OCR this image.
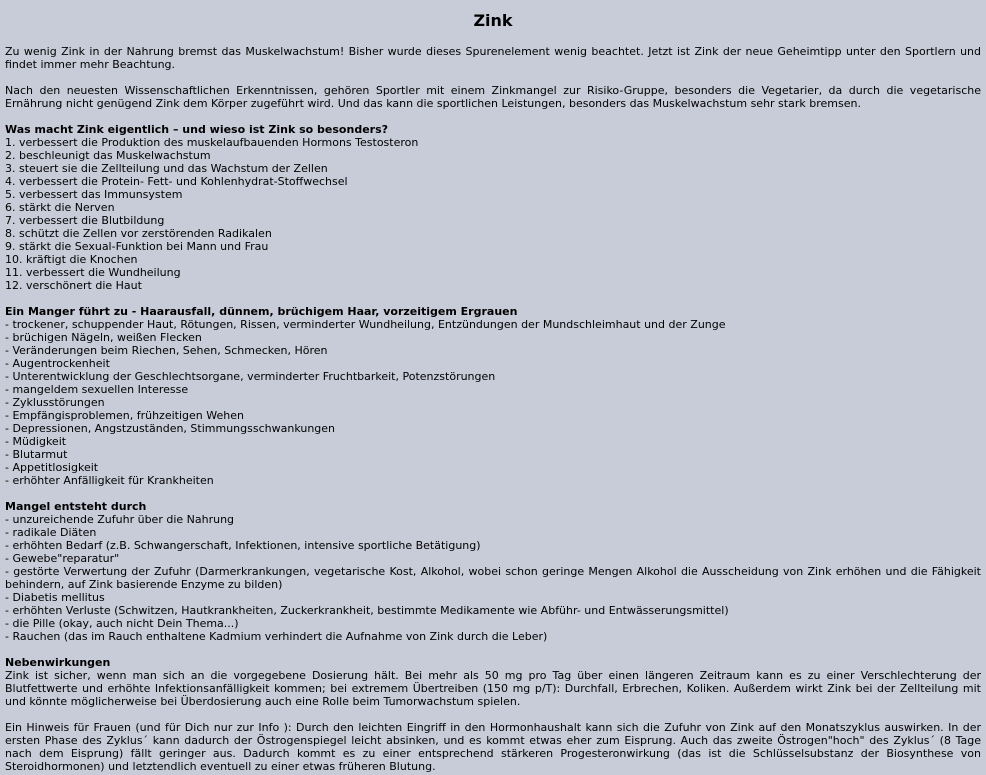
Zink

Zu wenig Zink in der Nahrung bremst das Muskelwachstum! Bisher wurde dieses Spurenelement wenig beachtet. Jetzt ist Zink der neue Geheimtipp unter den Sportlern und findet immer mehr Beachtung.

Nach den neuesten Wissenschaftlichen Erkenntnissen, gehören Sportler mit einem Zinkmangel zur Risiko-Gruppe, besonders die Vegetarier, da durch die vegetarische Ernährung nicht genügend Zink dem Körper zugeführt wird. Und das kann die sportlichen Leistungen, besonders das Muskelwachstum sehr stark bremsen.

Was macht Zink eigentlich – und wieso ist Zink so besonders?
1. verbessert die Produktion des muskelaufbauenden Hormons Testosteron
2. beschleunigt das Muskelwachstum
3. steuert sie die Zellteilung und das Wachstum der Zellen
4. verbessert die Protein- Fett- und Kohlenhydrat-Stoffwechsel
5. verbessert das Immunsystem
6. stärkt die Nerven
7. verbessert die Blutbildung
8. schützt die Zellen vor zerstörenden Radikalen
9. stärkt die Sexual-Funktion bei Mann und Frau
10. kräftigt die Knochen
11. verbessert die Wundheilung
12. verschönert die Haut
Ein Manger führt zu - Haarausfall, dünnem, brüchigem Haar, vorzeitigem Ergrauen
- trockener, schuppender Haut, Rötungen, Rissen, verminderter Wundheilung, Entzündungen der Mundschleimhaut und der Zunge
- brüchigen Nägeln, weißen Flecken
- Veränderungen beim Riechen, Sehen, Schmecken, Hören
- Augentrockenheit
- Unterentwicklung der Geschlechtsorgane, verminderter Fruchtbarkeit, Potenzstörungen
- mangeldem sexuellen Interesse
- Zyklusstörungen
- Empfängisproblemen, frühzeitigen Wehen
- Depressionen, Angstzuständen, Stimmungsschwankungen
- Müdigkeit
- Blutarmut
- Appetitlosigkeit
- erhöhter Anfälligkeit für Krankheiten
Mangel entsteht durch
- unzureichende Zufuhr über die Nahrung
- radikale Diäten
- erhöhten Bedarf (z.B. Schwangerschaft, Infektionen, intensive sportliche Betätigung)
- Gewebe"reparatur"
- gestörte Verwertung der Zufuhr (Darmerkrankungen, vegetarische Kost, Alkohol, wobei schon geringe Mengen Alkohol die Ausscheidung von Zink erhöhen und die Fähigkeit behindern, auf Zink basierende Enzyme zu bilden)
- Diabetis mellitus
- erhöhten Verluste (Schwitzen, Hautkrankheiten, Zuckerkrankheit, bestimmte Medikamente wie Abführ- und Entwässerungsmittel)
- die Pille (okay, auch nicht Dein Thema...)
- Rauchen (das im Rauch enthaltene Kadmium verhindert die Aufnahme von Zink durch die Leber)
Nebenwirkungen

Zink ist sicher, wenn man sich an die vorgegebene Dosierung hält. Bei mehr als 50 mg pro Tag über einen längeren Zeitraum kann es zu einer Verschlechterung der Blutfettwerte und erhöhte Infektionsanfälligkeit kommen; bei extremem Übertreiben (150 mg p/T): Durchfall, Erbrechen, Koliken. Außerdem wirkt Zink bei der Zellteilung mit und könnte möglicherweise bei Überdosierung auch eine Rolle beim Tumorwachstum spielen.

Ein Hinweis für Frauen (und für Dich nur zur Info ): Durch den leichten Eingriff in den Hormonhaushalt kann sich die Zufuhr von Zink auf den Monatszyklus auswirken. In der ersten Phase des Zyklus´ kann dadurch der Östrogenspiegel leicht absinken, und es kommt etwas eher zum Eisprung. Auch das zweite Östrogen"hoch" des Zyklus´ (8 Tage nach dem Eisprung) fällt geringer aus. Dadurch kommt es zu einer entsprechend stärkeren Progesteronwirkung (das ist die Schlüsselsubstanz der Biosynthese von Steroidhormonen) und letztendlich eventuell zu einer etwas früheren Blutung.
